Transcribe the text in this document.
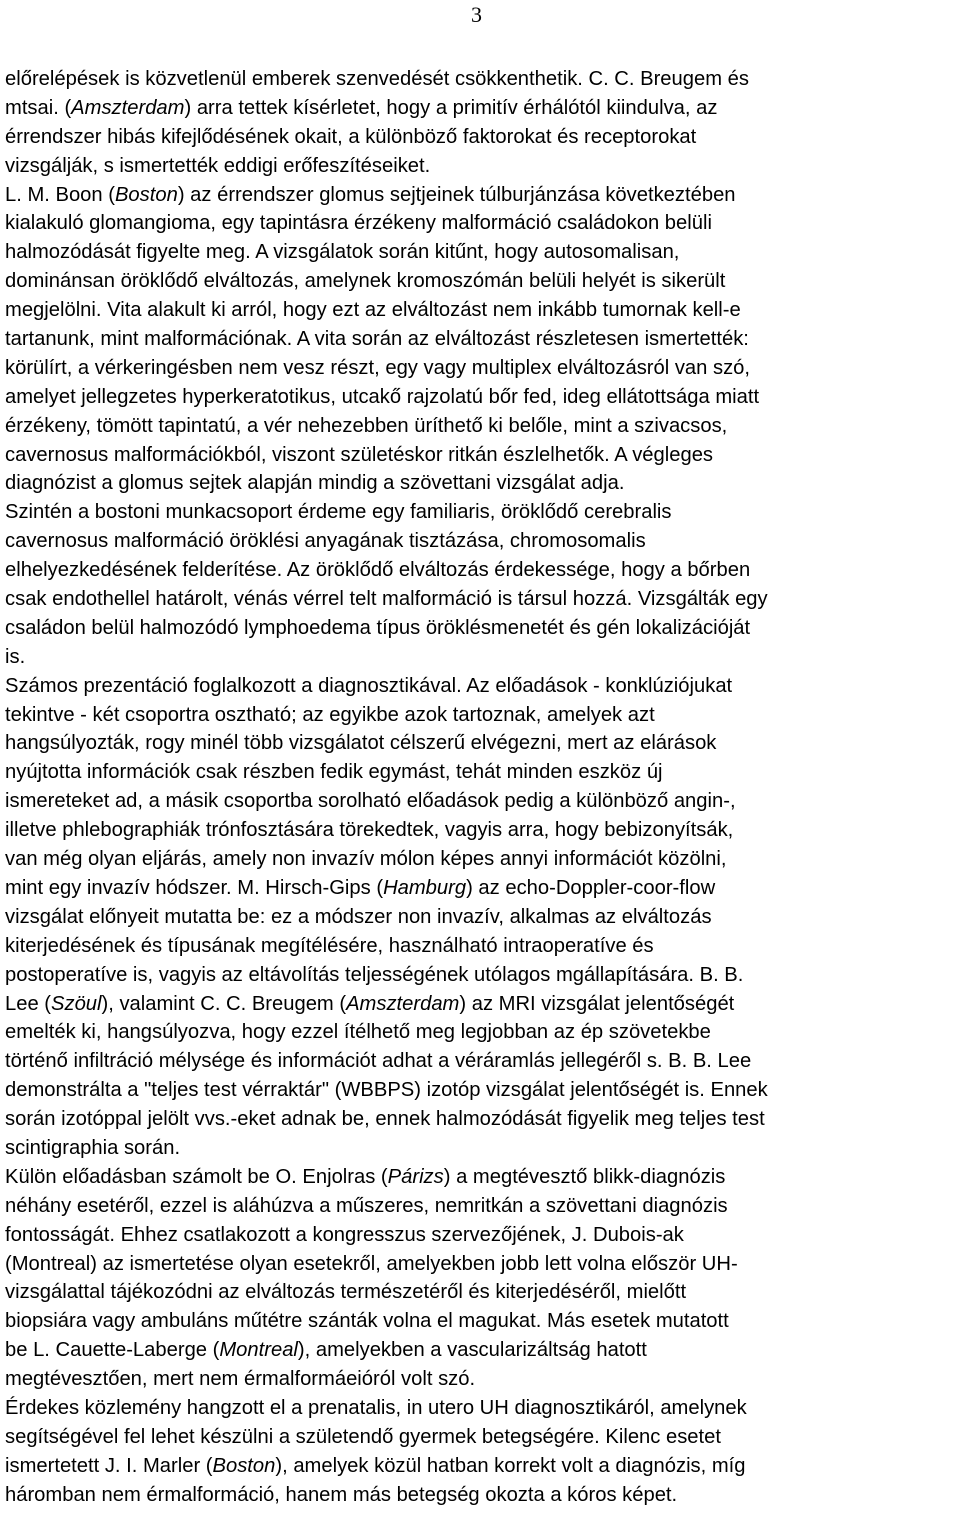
3
előrelépések is közvetlenül emberek szenvedését csökkenthetik. C. C. Breugem és
mtsai. (Amszterdam) arra tettek kísérletet, hogy a primitív érhálótól kiindulva, az
érrendszer hibás kifejlődésének okait, a különböző faktorokat és receptorokat
vizsgálják, s ismertették eddigi erőfeszítéseiket.
L. M. Boon (Boston) az érrendszer glomus sejtjeinek túlburjánzása következtében
kialakuló glomangioma, egy tapintásra érzékeny malformáció családokon belüli
halmozódását figyelte meg. A vizsgálatok során kitűnt, hogy autosomalisan,
dominánsan öröklődő elváltozás, amelynek kromoszómán belüli helyét is sikerült
megjelölni. Vita alakult ki arról, hogy ezt az elváltozást nem inkább tumornak kell-e
tartanunk, mint malformációnak. A vita során az elváltozást részletesen ismertették:
körülírt, a vérkeringésben nem vesz részt, egy vagy multiplex elváltozásról van szó,
amelyet jellegzetes hyperkeratotikus, utcakő rajzolatú bőr fed, ideg ellátottsága miatt
érzékeny, tömött tapintatú, a vér nehezebben üríthető ki belőle, mint a szivacsos,
cavernosus malformációkból, viszont születéskor ritkán észlelhetők. A végleges
diagnózist a glomus sejtek alapján mindig a szövettani vizsgálat adja.
Szintén a bostoni munkacsoport érdeme egy familiaris, öröklődő cerebralis
cavernosus malformáció öröklési anyagának tisztázása, chromosomalis
elhelyezkedésének felderítése. Az öröklődő elváltozás érdekessége, hogy a bőrben
csak endothellel határolt, vénás vérrel telt malformáció is társul hozzá. Vizsgálták egy
családon belül halmozódó lymphoedema típus öröklésmenetét és gén lokalizációját
is.
Számos prezentáció foglalkozott a diagnosztikával. Az előadások - konklúziójukat
tekintve - két csoportra osztható; az egyikbe azok tartoznak, amelyek azt
hangsúlyozták, rogy minél több vizsgálatot célszerű elvégezni, mert az elárások
nyújtotta információk csak részben fedik egymást, tehát minden eszköz új
ismereteket ad, a másik csoportba sorolható előadások pedig a különböző angin-,
illetve phlebographiák trónfosztására törekedtek, vagyis arra, hogy bebizonyítsák,
van még olyan eljárás, amely non invazív mólon képes annyi információt közölni,
mint egy invazív hódszer. M. Hirsch-Gips (Hamburg) az echo-Doppler-coor-flow
vizsgálat előnyeit mutatta be: ez a módszer non invazív, alkalmas az elváltozás
kiterjedésének és típusának megítélésére, használható intraoperatíve és
postoperatíve is, vagyis az eltávolítás teljességének utólagos mgállapítására. B. B.
Lee (Szöul), valamint C. C. Breugem (Amszterdam) az MRI vizsgálat jelentőségét
emelték ki, hangsúlyozva, hogy ezzel ítélhető meg legjobban az ép szövetekbe
történő infiltráció mélysége és információt adhat a véráramlás jellegéről s. B. B. Lee
demonstrálta a "teljes test vérraktár" (WBBPS) izotóp vizsgálat jelentőségét is. Ennek
során izotóppal jelölt vvs.-eket adnak be, ennek halmozódását figyelik meg teljes test
scintigraphia során.
Külön előadásban számolt be O. Enjolras (Párizs) a megtévesztő blikk-diagnózis
néhány esetéről, ezzel is aláhúzva a műszeres, nemritkán a szövettani diagnózis
fontosságát. Ehhez csatlakozott a kongresszus szervezőjének, J. Dubois-ak
(Montreal) az ismertetése olyan esetekről, amelyekben jobb lett volna először UH-
vizsgálattal tájékozódni az elváltozás természetéről és kiterjedéséről, mielőtt
biopsiára vagy ambuláns műtétre szánták volna el magukat. Más esetek mutatott
be L. Cauette-Laberge (Montreal), amelyekben a vascularizáltság hatott
megtévesztően, mert nem érmalformáeióról volt szó.
Érdekes közlemény hangzott el a prenatalis, in utero UH diagnosztikáról, amelynek
segítségével fel lehet készülni a születendő gyermek betegségére. Kilenc esetet
ismertetett J. I. Marler (Boston), amelyek közül hatban korrekt volt a diagnózis, míg
háromban nem érmalformáció, hanem más betegség okozta a kóros képet.
